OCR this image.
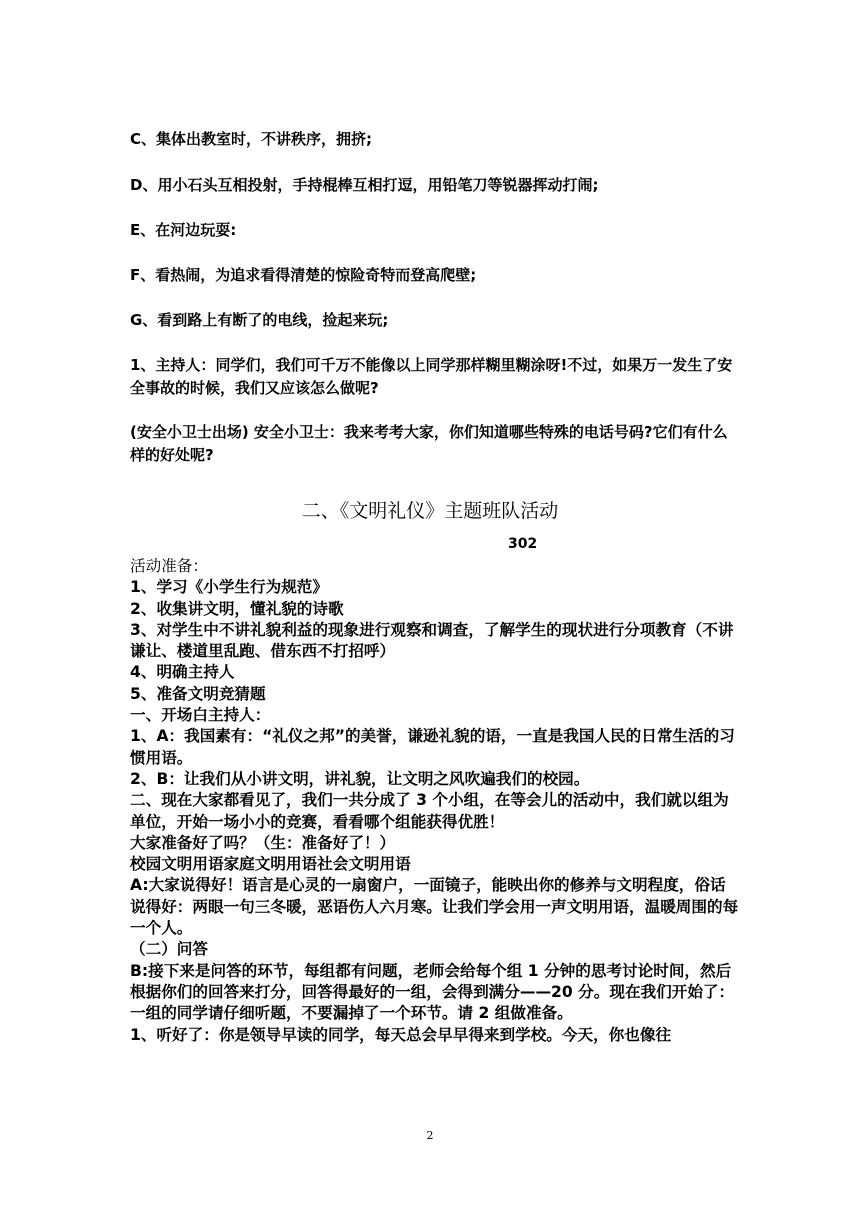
C、集体出教室时，不讲秩序，拥挤;
D、用小石头互相投射，手持棍棒互相打逗，用铅笔刀等锐器挥动打闹;
E、在河边玩耍:
F、看热闹，为追求看得清楚的惊险奇特而登高爬壁;
G、看到路上有断了的电线，捡起来玩;
1、主持人：同学们，我们可千万不能像以上同学那样糊里糊涂呀!不过，如果万一发生了安全事故的时候，我们又应该怎么做呢?
(安全小卫士出场) 安全小卫士：我来考考大家，你们知道哪些特殊的电话号码?它们有什么样的好处呢?
二、《文明礼仪》主题班队活动
302
活动准备：
1、学习《小学生行为规范》
2、收集讲文明，懂礼貌的诗歌
3、对学生中不讲礼貌利益的现象进行观察和调查，了解学生的现状进行分项教育（不讲谦让、楼道里乱跑、借东西不打招呼）
4、明确主持人
5、准备文明竞猜题
一、开场白主持人：
1、A：我国素有：“礼仪之邦”的美誉，谦逊礼貌的语，一直是我国人民的日常生活的习惯用语。
2、B：让我们从小讲文明，讲礼貌，让文明之风吹遍我们的校园。
二、现在大家都看见了，我们一共分成了 3 个小组，在等会儿的活动中，我们就以组为单位，开始一场小小的竞赛，看看哪个组能获得优胜！
大家准备好了吗？（生：准备好了！）
校园文明用语家庭文明用语社会文明用语
A:大家说得好！语言是心灵的一扇窗户，一面镜子，能映出你的修养与文明程度，俗话说得好：两眼一句三冬暖，恶语伤人六月寒。让我们学会用一声文明用语，温暖周围的每一个人。
（二）问答
B:接下来是问答的环节，每组都有问题，老师会给每个组 1 分钟的思考讨论时间，然后根据你们的回答来打分，回答得最好的一组，会得到满分——20 分。现在我们开始了：
一组的同学请仔细听题，不要漏掉了一个环节。请 2 组做准备。
1、听好了：你是领导早读的同学，每天总会早早得来到学校。今天，你也像往
2
